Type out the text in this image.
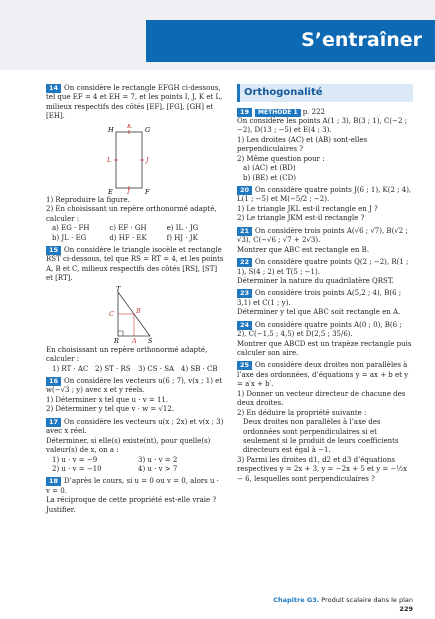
S’entraîner
14 On considère le rectangle EFGH ci-dessous, tel que EF = 4 et EH = 7, et les points I, J, K et L, milieux respectifs des côtés [EF], [FG], [GH] et [EH].
H K G
L	J
E I F
1) Reproduire la figure.
2) En choisissant un repère orthonormé adapté, calculer :
a) EG · FH	c) EF · GH	e) IL · JG
b) JL · EG	d) HF · EK	f) HJ · JK
15 On considère le triangle isocèle et rectangle RST ci-dessous, tel que RS = RT = 4, et les points A, B et C, milieux respectifs des côtés [RS], [ST] et [RT].
T
C	B
R A S
En choisissant un repère orthonormé adapté, calculer :
1) RT · AC 2) ST · RS	3) CS · SA 4) SB · CB
16 On considère les vecteurs u(6 ; 7), v(x ; 1) et w(−√3 ; y) avec x et y réels.
1) Déterminer x tel que u · v = 11.
2) Déterminer y tel que v · w = √12.
17 On considère les vecteurs u(x ; 2x) et v(x ; 3) avec x réel.
Déterminer, si elle(s) existe(nt), pour quelle(s) valeur(s) de x, on a :
1) u · v = −9	3) u · v = 2
2) u · v = −10	4) u · v > 7
18 D’après le cours, si u = 0 ou v = 0, alors u · v = 0.
La réciproque de cette propriété est-elle vraie ? Justifier.
Orthogonalité
19 MÉTHODE 1 p. 222
On considère les points A(1 ; 3), B(3 ; 1), C(−2 ; −2), D(13 ; −5) et E(4 ; 3).
1) Les droites (AC) et (AB) sont-elles perpendiculaires ?
2) Même question pour :
a) (AC) et (BD)
b) (BE) et (CD)
20 On considère quatre points J(6 ; 1), K(2 ; 4), L(1 ; −5) et M(−5/2 ; −2).
1) Le triangle JKL est-il rectangle en J ?
2) Le triangle JKM est-il rectangle ?
21 On considère trois points A(√6 ; √7), B(√2 ; √3), C(−√6 ; √7 + 2√3).
Montrer que ABC est rectangle en B.
22 On considère quatre points Q(2 ; −2), R(1 ; 1), S(4 ; 2) et T(5 ; −1).
Déterminer la nature du quadrilatère QRST.
23 On considère trois points A(5,2 ; 4), B(6 ; 3,1) et C(1 ; y).
Déterminer y tel que ABC soit rectangle en A.
24 On considère quatre points A(0 ; 0), B(6 ; 2), C(−1,5 ; 4,5) et D(2,5 ; 35/6).
Montrer que ABCD est un trapèze rectangle puis calculer son aire.
25 On considère deux droites non parallèles à l’axe des ordonnées, d’équations y = ax + b et y = a′x + b′.
1) Donner un vecteur directeur de chacune des deux droites.
2) En déduire la propriété suivante :
Deux droites non parallèles à l’axe des ordonnées sont perpendiculaires si et seulement si le produit de leurs coefficients directeurs est égal à −1.
3) Parmi les droites d1, d2 et d3 d’équations respectives y = 2x + 3, y = −2x + 5 et y = −½x − 6, lesquelles sont perpendiculaires ?
Chapitre G3. Produit scalaire dans le plan 229
